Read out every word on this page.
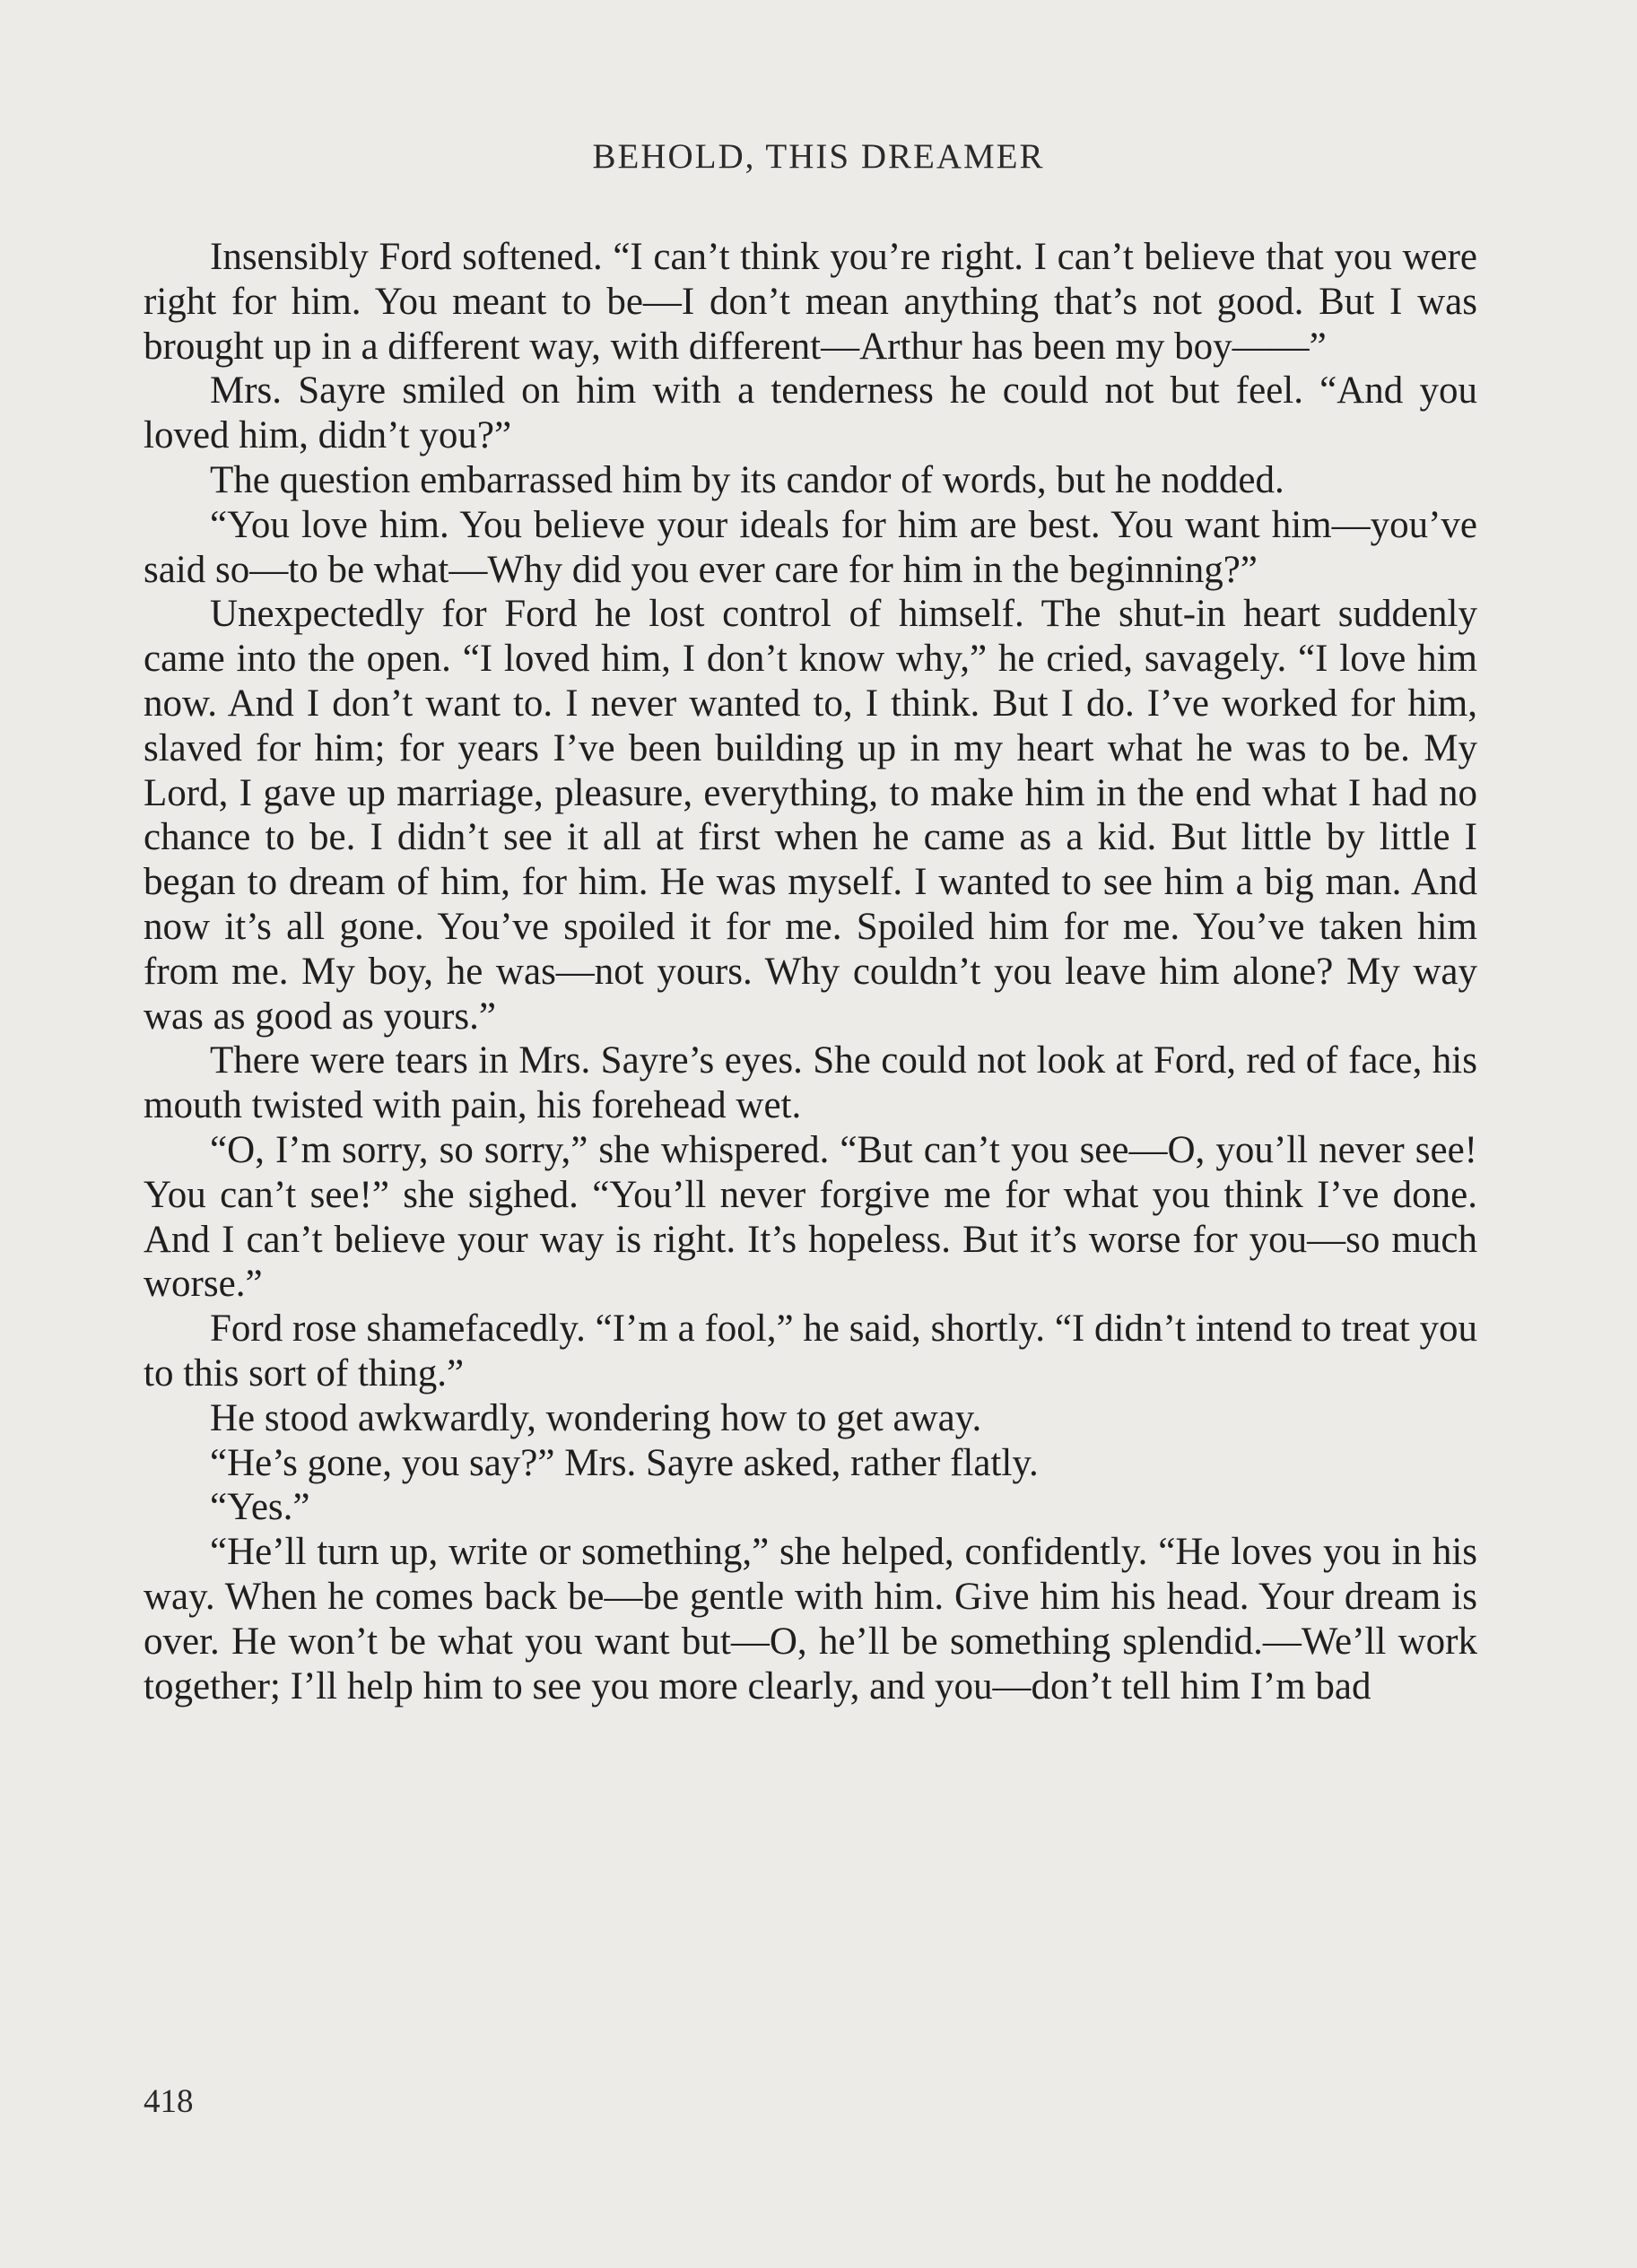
BEHOLD, THIS DREAMER

Insensibly Ford softened. “I can’t think you’re right. I can’t believe that you were right for him. You meant to be—I don’t mean anything that’s not good. But I was brought up in a different way, with different—Arthur has been my boy——”

Mrs. Sayre smiled on him with a tenderness he could not but feel. “And you loved him, didn’t you?”

The question embarrassed him by its candor of words, but he nodded.

“You love him. You believe your ideals for him are best. You want him—you’ve said so—to be what—Why did you ever care for him in the beginning?”

Unexpectedly for Ford he lost control of himself. The shut-in heart suddenly came into the open. “I loved him, I don’t know why,” he cried, savagely. “I love him now. And I don’t want to. I never wanted to, I think. But I do. I’ve worked for him, slaved for him; for years I’ve been building up in my heart what he was to be. My Lord, I gave up marriage, pleasure, everything, to make him in the end what I had no chance to be. I didn’t see it all at first when he came as a kid. But little by little I began to dream of him, for him. He was myself. I wanted to see him a big man. And now it’s all gone. You’ve spoiled it for me. Spoiled him for me. You’ve taken him from me. My boy, he was—not yours. Why couldn’t you leave him alone? My way was as good as yours.”

There were tears in Mrs. Sayre’s eyes. She could not look at Ford, red of face, his mouth twisted with pain, his forehead wet.

“O, I’m sorry, so sorry,” she whispered. “But can’t you see—O, you’ll never see! You can’t see!” she sighed. “You’ll never forgive me for what you think I’ve done. And I can’t believe your way is right. It’s hopeless. But it’s worse for you—so much worse.”

Ford rose shamefacedly. “I’m a fool,” he said, shortly. “I didn’t intend to treat you to this sort of thing.”

He stood awkwardly, wondering how to get away.

“He’s gone, you say?” Mrs. Sayre asked, rather flatly.

“Yes.”

“He’ll turn up, write or something,” she helped, confidently. “He loves you in his way. When he comes back be—be gentle with him. Give him his head. Your dream is over. He won’t be what you want but—O, he’ll be something splendid.—We’ll work together; I’ll help him to see you more clearly, and you—don’t tell him I’m bad

418
